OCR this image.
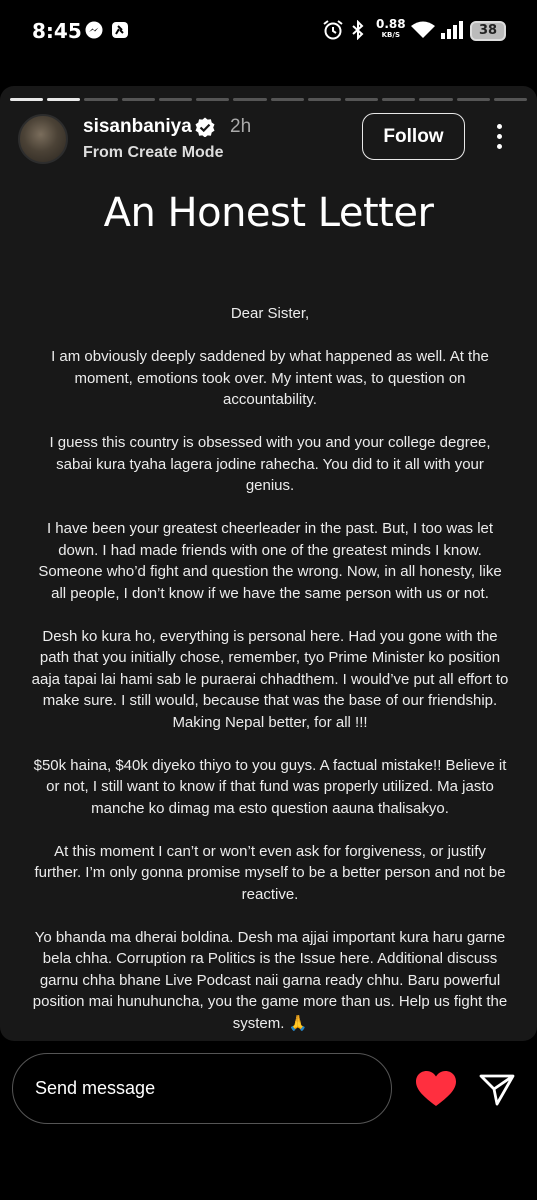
8:45	0.88
KB/S	38
sisanbaniya 2h
From Create Mode
Follow
An Honest Letter

Dear Sister,

I am obviously deeply saddened by what happened as well. At the moment, emotions took over. My intent was, to question on accountability.

I guess this country is obsessed with you and your college degree, sabai kura tyaha lagera jodine rahecha. You did to it all with your genius.

I have been your greatest cheerleader in the past. But, I too was let down. I had made friends with one of the greatest minds I know. Someone who’d fight and question the wrong. Now, in all honesty, like all people, I don’t know if we have the same person with us or not.

Desh ko kura ho, everything is personal here. Had you gone with the path that you initially chose, remember, tyo Prime Minister ko position aaja tapai lai hami sab le puraerai chhadthem. I would’ve put all effort to make sure. I still would, because that was the base of our friendship. Making Nepal better, for all !!!

$50k haina, $40k diyeko thiyo to you guys. A factual mistake!! Believe it or not, I still want to know if that fund was properly utilized. Ma jasto manche ko dimag ma esto question aauna thalisakyo.

At this moment I can’t or won’t even ask for forgiveness, or justify further. I’m only gonna promise myself to be a better person and not be reactive.

Yo bhanda ma dherai boldina. Desh ma ajjai important kura haru garne bela chha. Corruption ra Politics is the Issue here. Additional discuss garnu chha bhane Live Podcast naii garna ready chhu. Baru powerful position mai hunuhuncha, you the game more than us. Help us fight the system. 🙏

Send message
